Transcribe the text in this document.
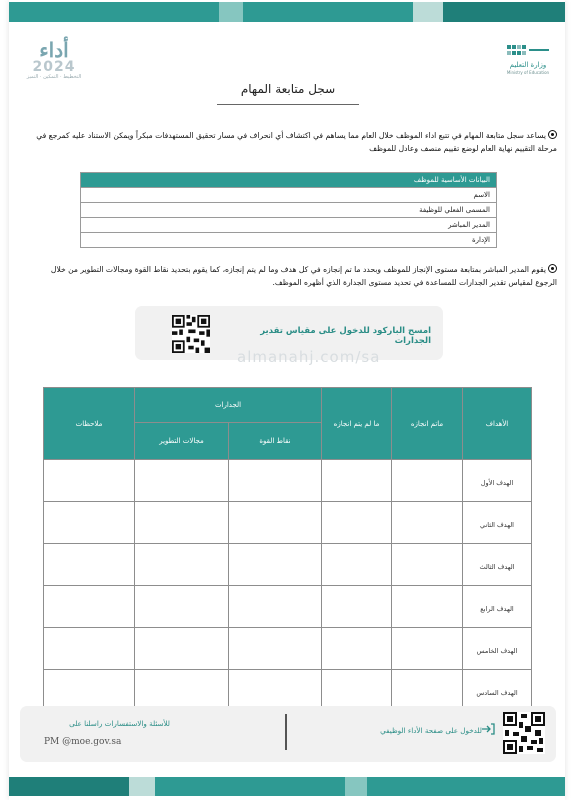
أداء
2024
التخطيط · التمكين · التميز
وزارة التعليم
Ministry of Education
سجل متابعة المهام
يساعد سجل متابعة المهام في تتبع اداء الموظف خلال العام مما يساهم في اكتشاف أي انحراف في مسار تحقيق المستهدفات مبكراً ويمكن الاستناد عليه كمرجع في مرحلة التقييم نهاية العام لوضع تقييم منصف وعادل للموظف
البيانات الأساسية للموظف
الاسم
المسمى الفعلي للوظيفة
المدير المباشر
الإدارة
يقوم المدير المباشر بمتابعة مستوى الإنجاز للموظف وبحدد ما تم إنجازه في كل هدف وما لم يتم إنجازه، كما يقوم بتحديد نقاط القوة ومجالات التطوير من خلال الرجوع لمقياس تقدير الجدارات للمساعدة في تحديد مستوى الجدارة الذي أظهره الموظف.
امسح الباركود للدخول على مقياس تقدير الجدارات
almanahj.com/sa
الأهداف	ماتم انجازه	ما لم يتم انجازه	الجدارات		ملاحظات
			نقاط القوة	مجالات التطوير	
الهدف الأول					
الهدف الثاني					
الهدف الثالث					
الهدف الرابع					
الهدف الخامس					
الهدف السادس					
للأسئلة والاستفسارات راسلنا على
PM @moe.gov.sa
للدخول على صفحة الأداء الوظيفي
